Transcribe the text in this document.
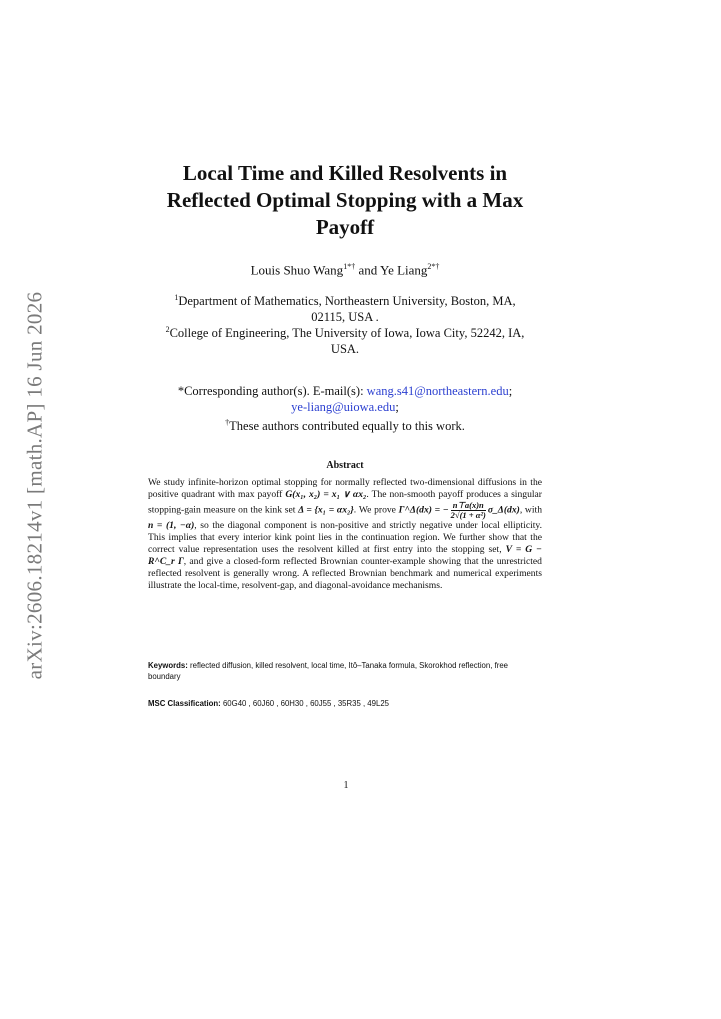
arXiv:2606.18214v1 [math.AP] 16 Jun 2026
Local Time and Killed Resolvents in
Reflected Optimal Stopping with a Max
Payoff
Louis Shuo Wang$^{1*\dagger}$ and Ye Liang$^{2*\dagger}$
$^1$Department of Mathematics, Northeastern University, Boston, MA,
02115, USA .
$^2$College of Engineering, The University of Iowa, Iowa City, 52242, IA,
USA.
*Corresponding author(s). E-mail(s): wang.s41@northeastern.edu;
ye-liang@uiowa.edu;
†These authors contributed equally to this work.
Abstract
We study infinite-horizon optimal stopping for normally reflected two-dimensional diffusions in the positive quadrant with max payoff G(x₁, x₂) = x₁ ∨ αx₂. The non-smooth payoff produces a singular stopping-gain measure on the kink set Δ = {x₁ = αx₂}. We prove Γ^Δ(dx) = − $\frac{n⊤a(x)n}{\text{2√(1 + α²)}}$ σ_Δ(dx), with n = (1, −α), so the diagonal component is non-positive and strictly negative under local ellipticity. This implies that every interior kink point lies in the continuation region. We further show that the correct value representation uses the resolvent killed at first entry into the stopping set, V = G − R^C_r Γ, and give a closed-form reflected Brownian counter-example showing that the unrestricted reflected resolvent is generally wrong. A reflected Brownian benchmark and numerical experiments illustrate the local-time, resolvent-gap, and diagonal-avoidance mechanisms.
Keywords: reflected diffusion, killed resolvent, local time, Itô–Tanaka formula, Skorokhod reflection, free boundary
MSC Classification: 60G40 , 60J60 , 60H30 , 60J55 , 35R35 , 49L25
1
